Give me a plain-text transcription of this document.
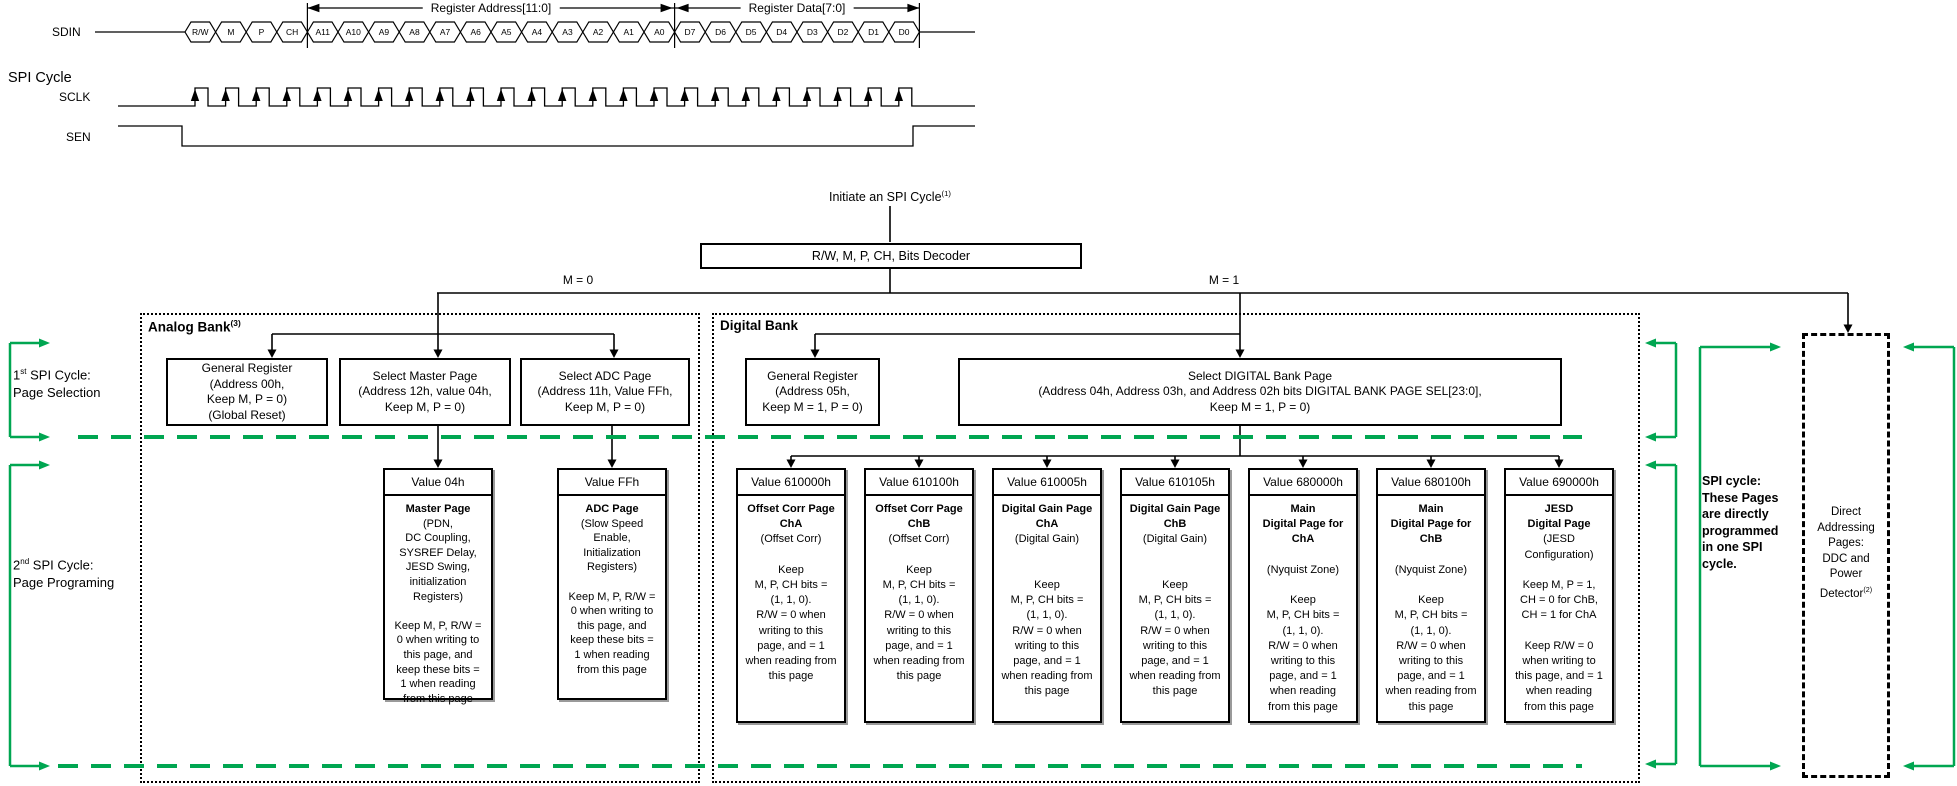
R/W M	P	CH A11 A10 A9 A8 A7 A6 A5 A4 A3 A2 A1 A0 D7 D6 D5 D4 D3 D2 D1 D0
SPI Cycle
SDIN
SCLK
SEN
Register Address[11:0]	Register Data[7:0]
Initiate an SPI Cycle$^{(1)}$
R/W, M, P, CH, Bits Decoder
M = 0	M = 1
Analog Bank$^{(3)}$	Digital Bank
1st SPI Cycle:
Page Selection
2nd SPI Cycle:
Page Programing
SPI cycle:
These Pages
are directly
programmed
in one SPI
cycle.
Direct
Addressing
Pages:
DDC and
Power
Detector$^{(2)}$
General Register
(Address 00h,
Keep M, P = 0)
(Global Reset)
Select Master Page
(Address 12h, value 04h,
Keep M, P = 0)
Select ADC Page
(Address 11h, Value FFh,
Keep M, P = 0)
General Register
(Address 05h,
Keep M = 1, P = 0)
Select DIGITAL Bank Page
(Address 04h, Address 03h, and Address 02h bits DIGITAL BANK PAGE SEL[23:0],
Keep M = 1, P = 0)
Value 04h
Master Page
(PDN,
DC Coupling,
SYSREF Delay,
JESD Swing,
initialization
Registers)

Keep M, P, R/W =
0 when writing to
this page, and
keep these bits =
1 when reading
from this page
Value FFh
ADC Page
(Slow Speed
Enable,
Initialization
Registers)

Keep M, P, R/W =
0 when writing to
this page, and
keep these bits =
1 when reading
from this page
Value 610000h
Offset Corr Page
ChA
(Offset Corr)

Keep
M, P, CH bits =
(1, 1, 0).
R/W = 0 when
writing to this
page, and = 1
when reading from
this page
Value 610100h
Offset Corr Page
ChB
(Offset Corr)

Keep
M, P, CH bits =
(1, 1, 0).
R/W = 0 when
writing to this
page, and = 1
when reading from
this page
Value 610005h
Digital Gain Page
ChA
(Digital Gain)

Keep
M, P, CH bits =
(1, 1, 0).
R/W = 0 when
writing to this
page, and = 1
when reading from
this page
Value 610105h
Digital Gain Page
ChB
(Digital Gain)

Keep
M, P, CH bits =
(1, 1, 0).
R/W = 0 when
writing to this
page, and = 1
when reading from
this page
Value 680000h
Main
Digital Page for
ChA

(Nyquist Zone)

Keep
M, P, CH bits =
(1, 1, 0).
R/W = 0 when
writing to this
page, and = 1
when reading
from this page
Value 680100h
Main
Digital Page for
ChB

(Nyquist Zone)

Keep
M, P, CH bits =
(1, 1, 0).
R/W = 0 when
writing to this
page, and = 1
when reading from
this page
Value 690000h
JESD
Digital Page
(JESD
Configuration)

Keep M, P = 1,
CH = 0 for ChB,
CH = 1 for ChA

Keep R/W = 0
when writing to
this page, and = 1
when reading
from this page
